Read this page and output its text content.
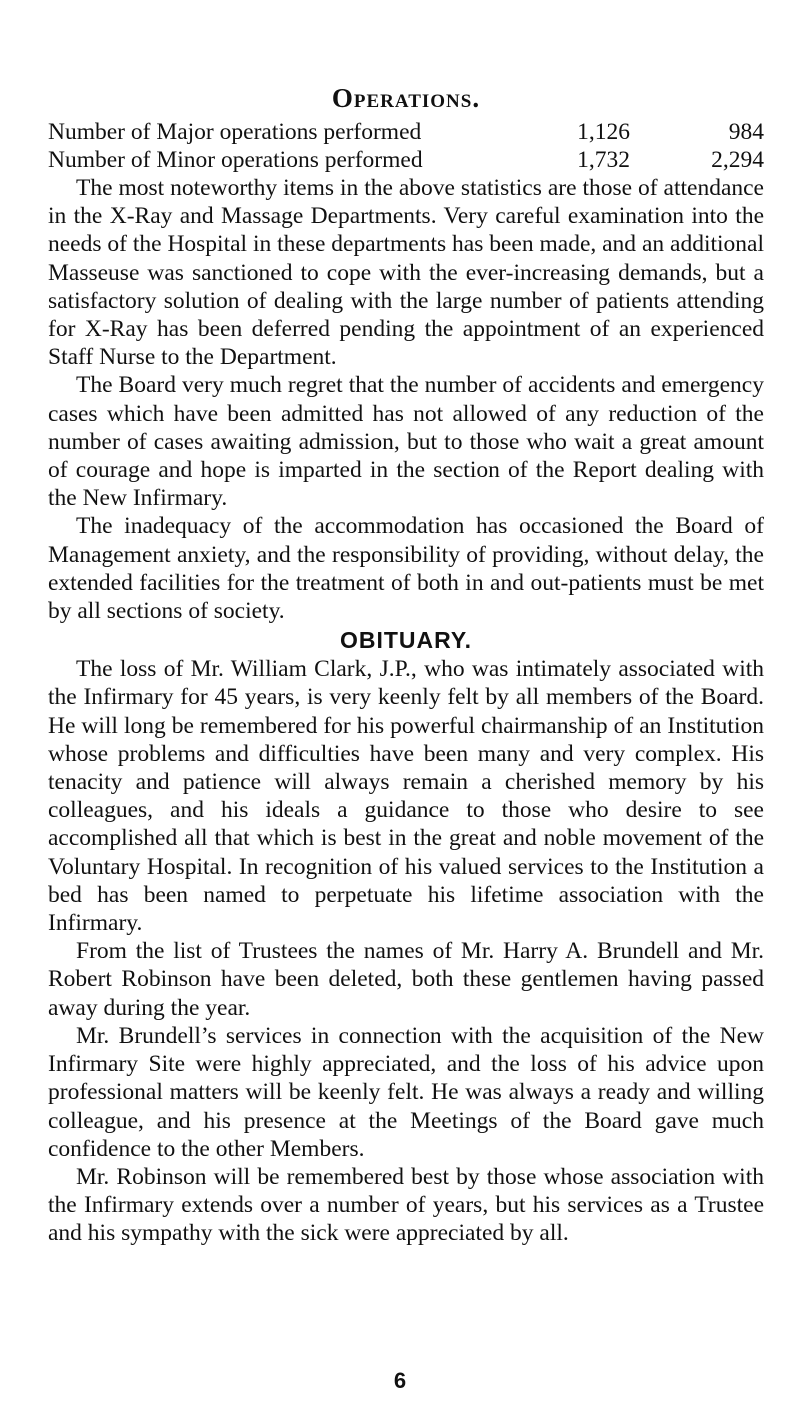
Operations.
Number of Major operations performed	1,126	984
Number of Minor operations performed	1,732	2,294

The most noteworthy items in the above statistics are those of attendance in the X-Ray and Massage Departments. Very careful examination into the needs of the Hospital in these departments has been made, and an additional Masseuse was sanctioned to cope with the ever-increasing demands, but a satisfactory solution of dealing with the large number of patients attending for X-Ray has been deferred pending the appointment of an experienced Staff Nurse to the Department.

The Board very much regret that the number of accidents and emergency cases which have been admitted has not allowed of any reduction of the number of cases awaiting admission, but to those who wait a great amount of courage and hope is imparted in the section of the Report dealing with the New Infirmary.

The inadequacy of the accommodation has occasioned the Board of Management anxiety, and the responsibility of providing, without delay, the extended facilities for the treatment of both in and out-patients must be met by all sections of society.

OBITUARY.

The loss of Mr. William Clark, J.P., who was intimately associated with the Infirmary for 45 years, is very keenly felt by all members of the Board. He will long be remembered for his powerful chairmanship of an Institution whose problems and difficulties have been many and very complex. His tenacity and patience will always remain a cherished memory by his colleagues, and his ideals a guidance to those who desire to see accomplished all that which is best in the great and noble movement of the Voluntary Hospital. In recognition of his valued services to the Institution a bed has been named to perpetuate his lifetime association with the Infirmary.

From the list of Trustees the names of Mr. Harry A. Brundell and Mr. Robert Robinson have been deleted, both these gentlemen having passed away during the year.

Mr. Brundell’s services in connection with the acquisition of the New Infirmary Site were highly appreciated, and the loss of his advice upon professional matters will be keenly felt. He was always a ready and willing colleague, and his presence at the Meetings of the Board gave much confidence to the other Members.

Mr. Robinson will be remembered best by those whose association with the Infirmary extends over a number of years, but his services as a Trustee and his sympathy with the sick were appreciated by all.

6
